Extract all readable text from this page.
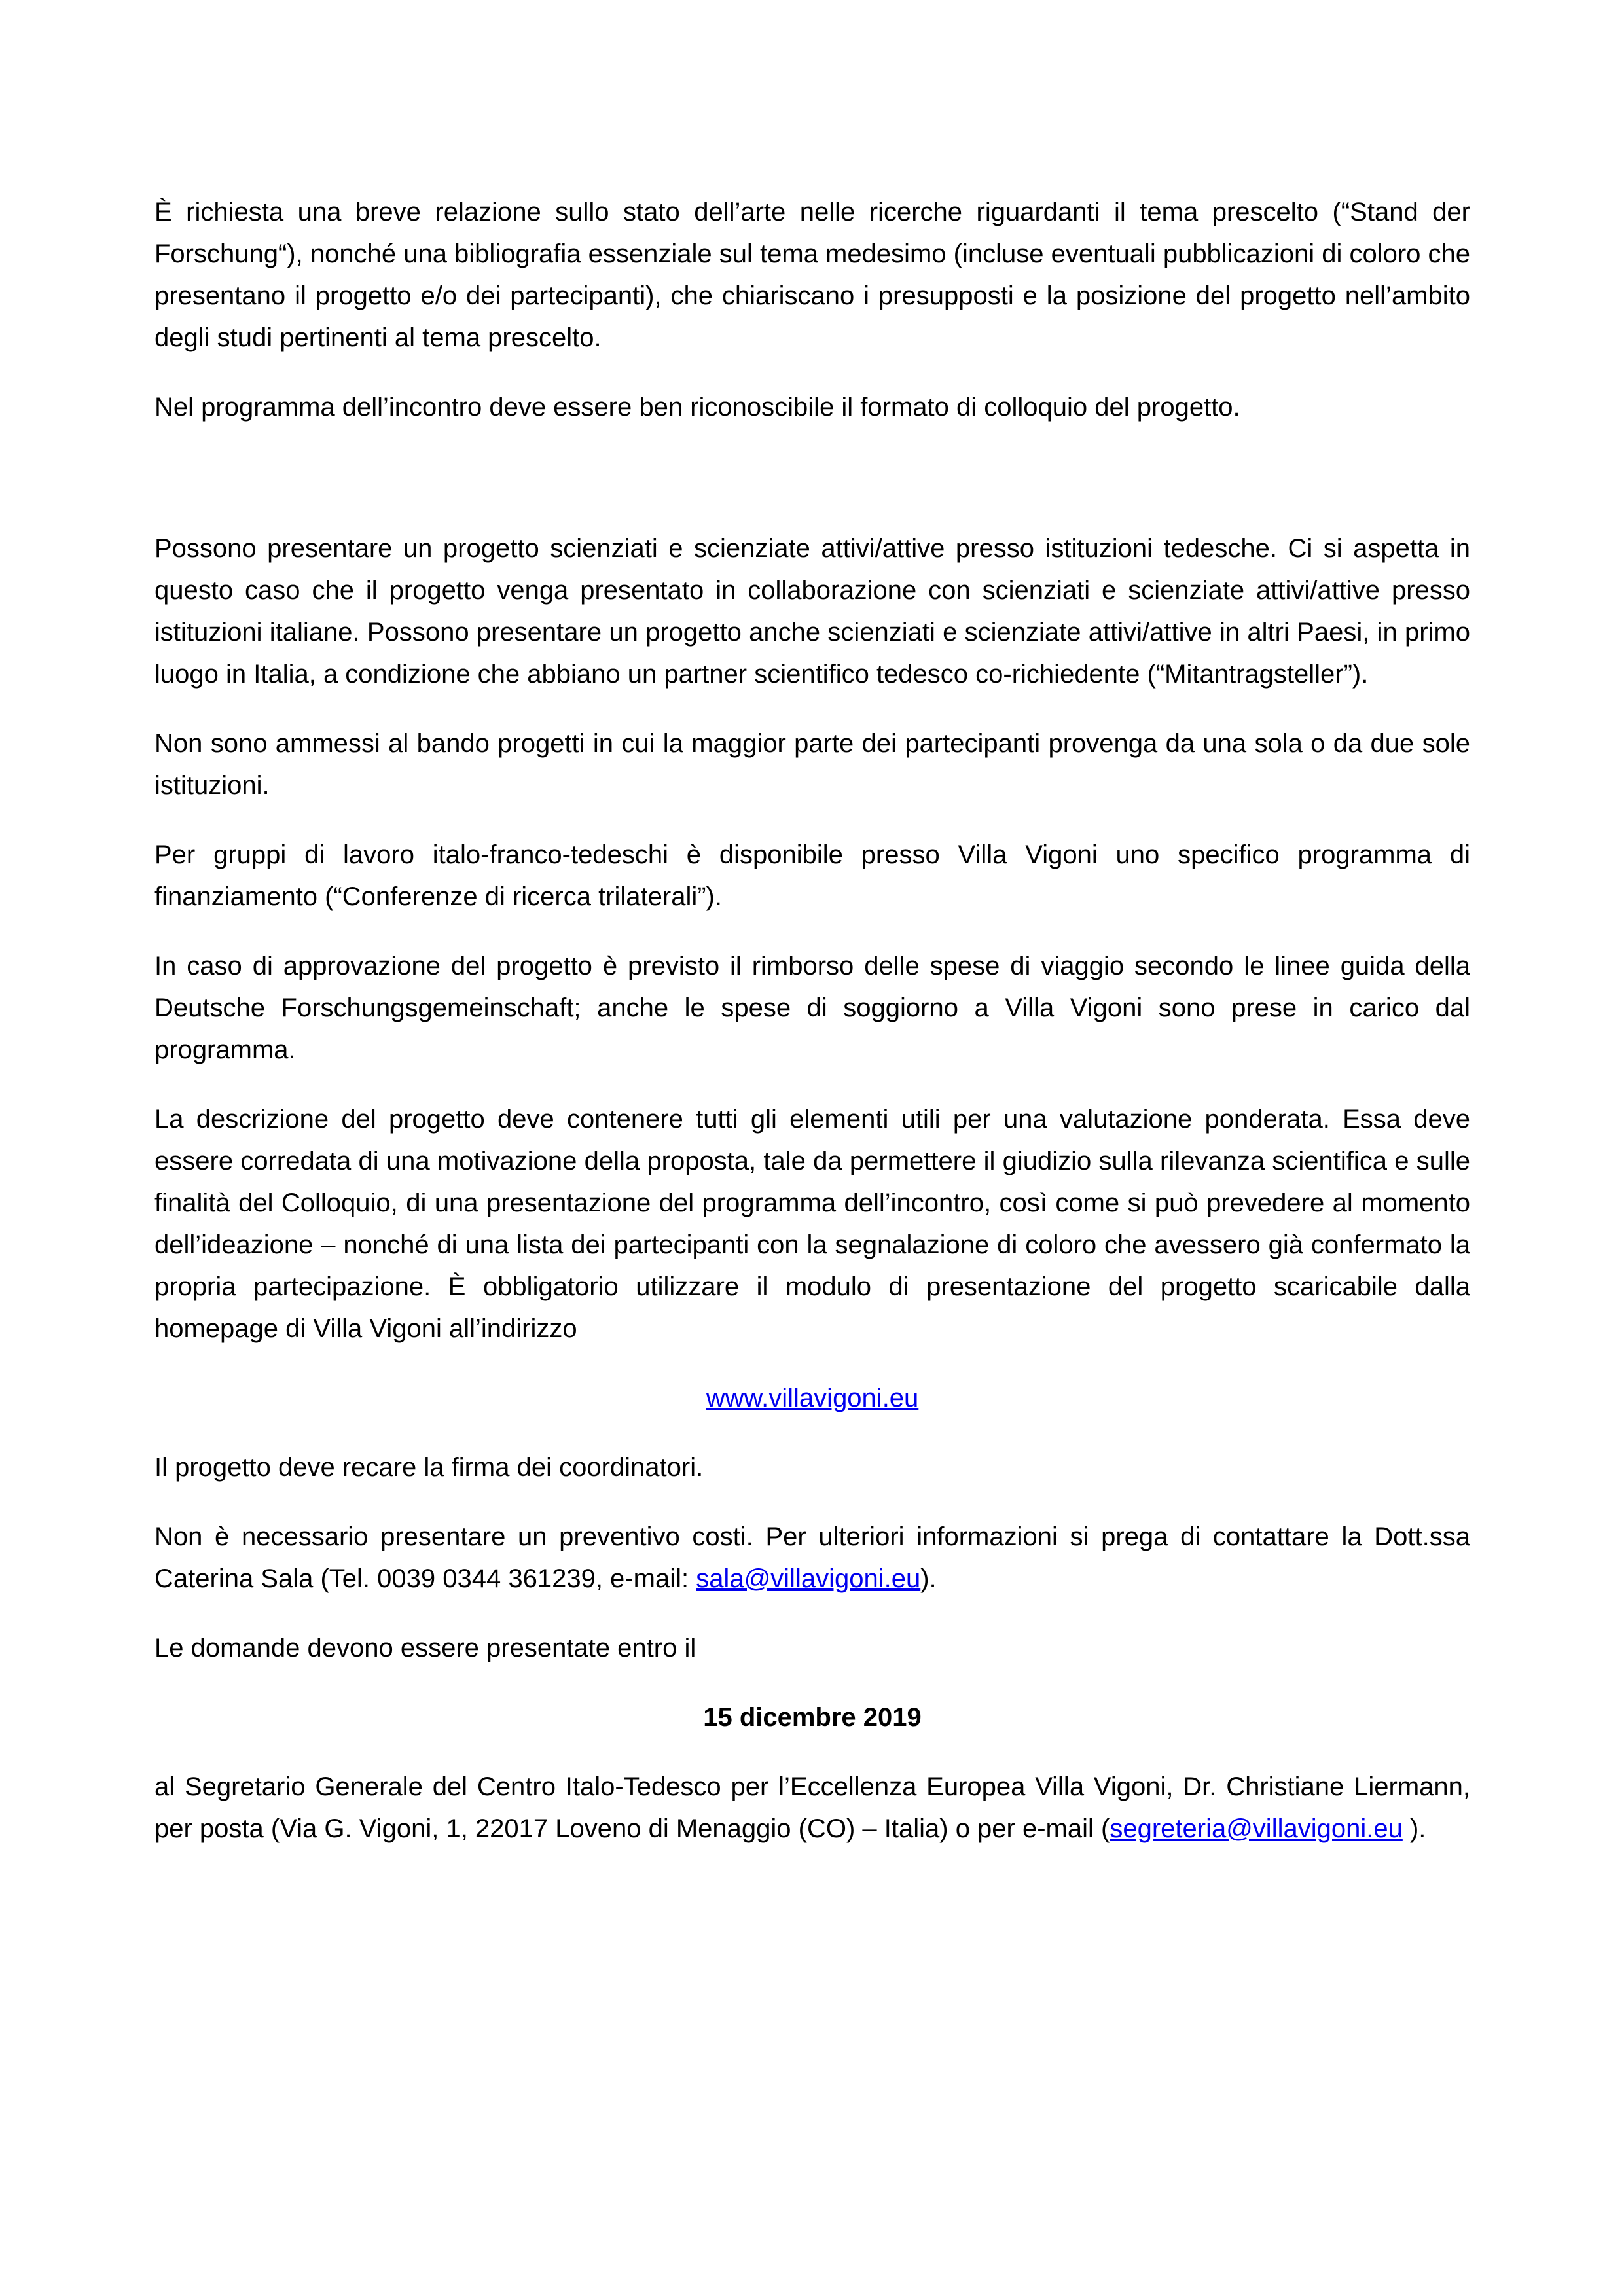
È richiesta una breve relazione sullo stato dell’arte nelle ricerche riguardanti il tema prescelto (“Stand der Forschung“), nonché una bibliografia essenziale sul tema medesimo (incluse eventuali pubblicazioni di coloro che presentano il progetto e/o dei partecipanti), che chiariscano i presupposti e la posizione del progetto nell’ambito degli studi pertinenti al tema prescelto.

Nel programma dell’incontro deve essere ben riconoscibile il formato di colloquio del progetto.

Possono presentare un progetto scienziati e scienziate attivi/attive presso istituzioni tedesche. Ci si aspetta in questo caso che il progetto venga presentato in collaborazione con scienziati e scienziate attivi/attive presso istituzioni italiane. Possono presentare un progetto anche scienziati e scienziate attivi/attive in altri Paesi, in primo luogo in Italia, a condizione che abbiano un partner scientifico tedesco co-richiedente (“Mitantragsteller”).

Non sono ammessi al bando progetti in cui la maggior parte dei partecipanti provenga da una sola o da due sole istituzioni.

Per gruppi di lavoro italo-franco-tedeschi è disponibile presso Villa Vigoni uno specifico programma di finanziamento (“Conferenze di ricerca trilaterali”).

In caso di approvazione del progetto è previsto il rimborso delle spese di viaggio secondo le linee guida della Deutsche Forschungsgemeinschaft; anche le spese di soggiorno a Villa Vigoni sono prese in carico dal programma.

La descrizione del progetto deve contenere tutti gli elementi utili per una valutazione ponderata. Essa deve essere corredata di una motivazione della proposta, tale da permettere il giudizio sulla rilevanza scientifica e sulle finalità del Colloquio, di una presentazione del programma dell’incontro, così come si può prevedere al momento dell’ideazione – nonché di una lista dei partecipanti con la segnalazione di coloro che avessero già confermato la propria partecipazione. È obbligatorio utilizzare il modulo di presentazione del progetto scaricabile dalla homepage di Villa Vigoni all’indirizzo

www.villavigoni.eu

Il progetto deve recare la firma dei coordinatori.

Non è necessario presentare un preventivo costi. Per ulteriori informazioni si prega di contattare la Dott.ssa Caterina Sala (Tel. 0039 0344 361239, e-mail: sala@villavigoni.eu).

Le domande devono essere presentate entro il

15 dicembre 2019

al Segretario Generale del Centro Italo-Tedesco per l’Eccellenza Europea Villa Vigoni, Dr. Christiane Liermann, per posta (Via G. Vigoni, 1, 22017 Loveno di Menaggio (CO) – Italia) o per e-mail (segreteria@villavigoni.eu ).
